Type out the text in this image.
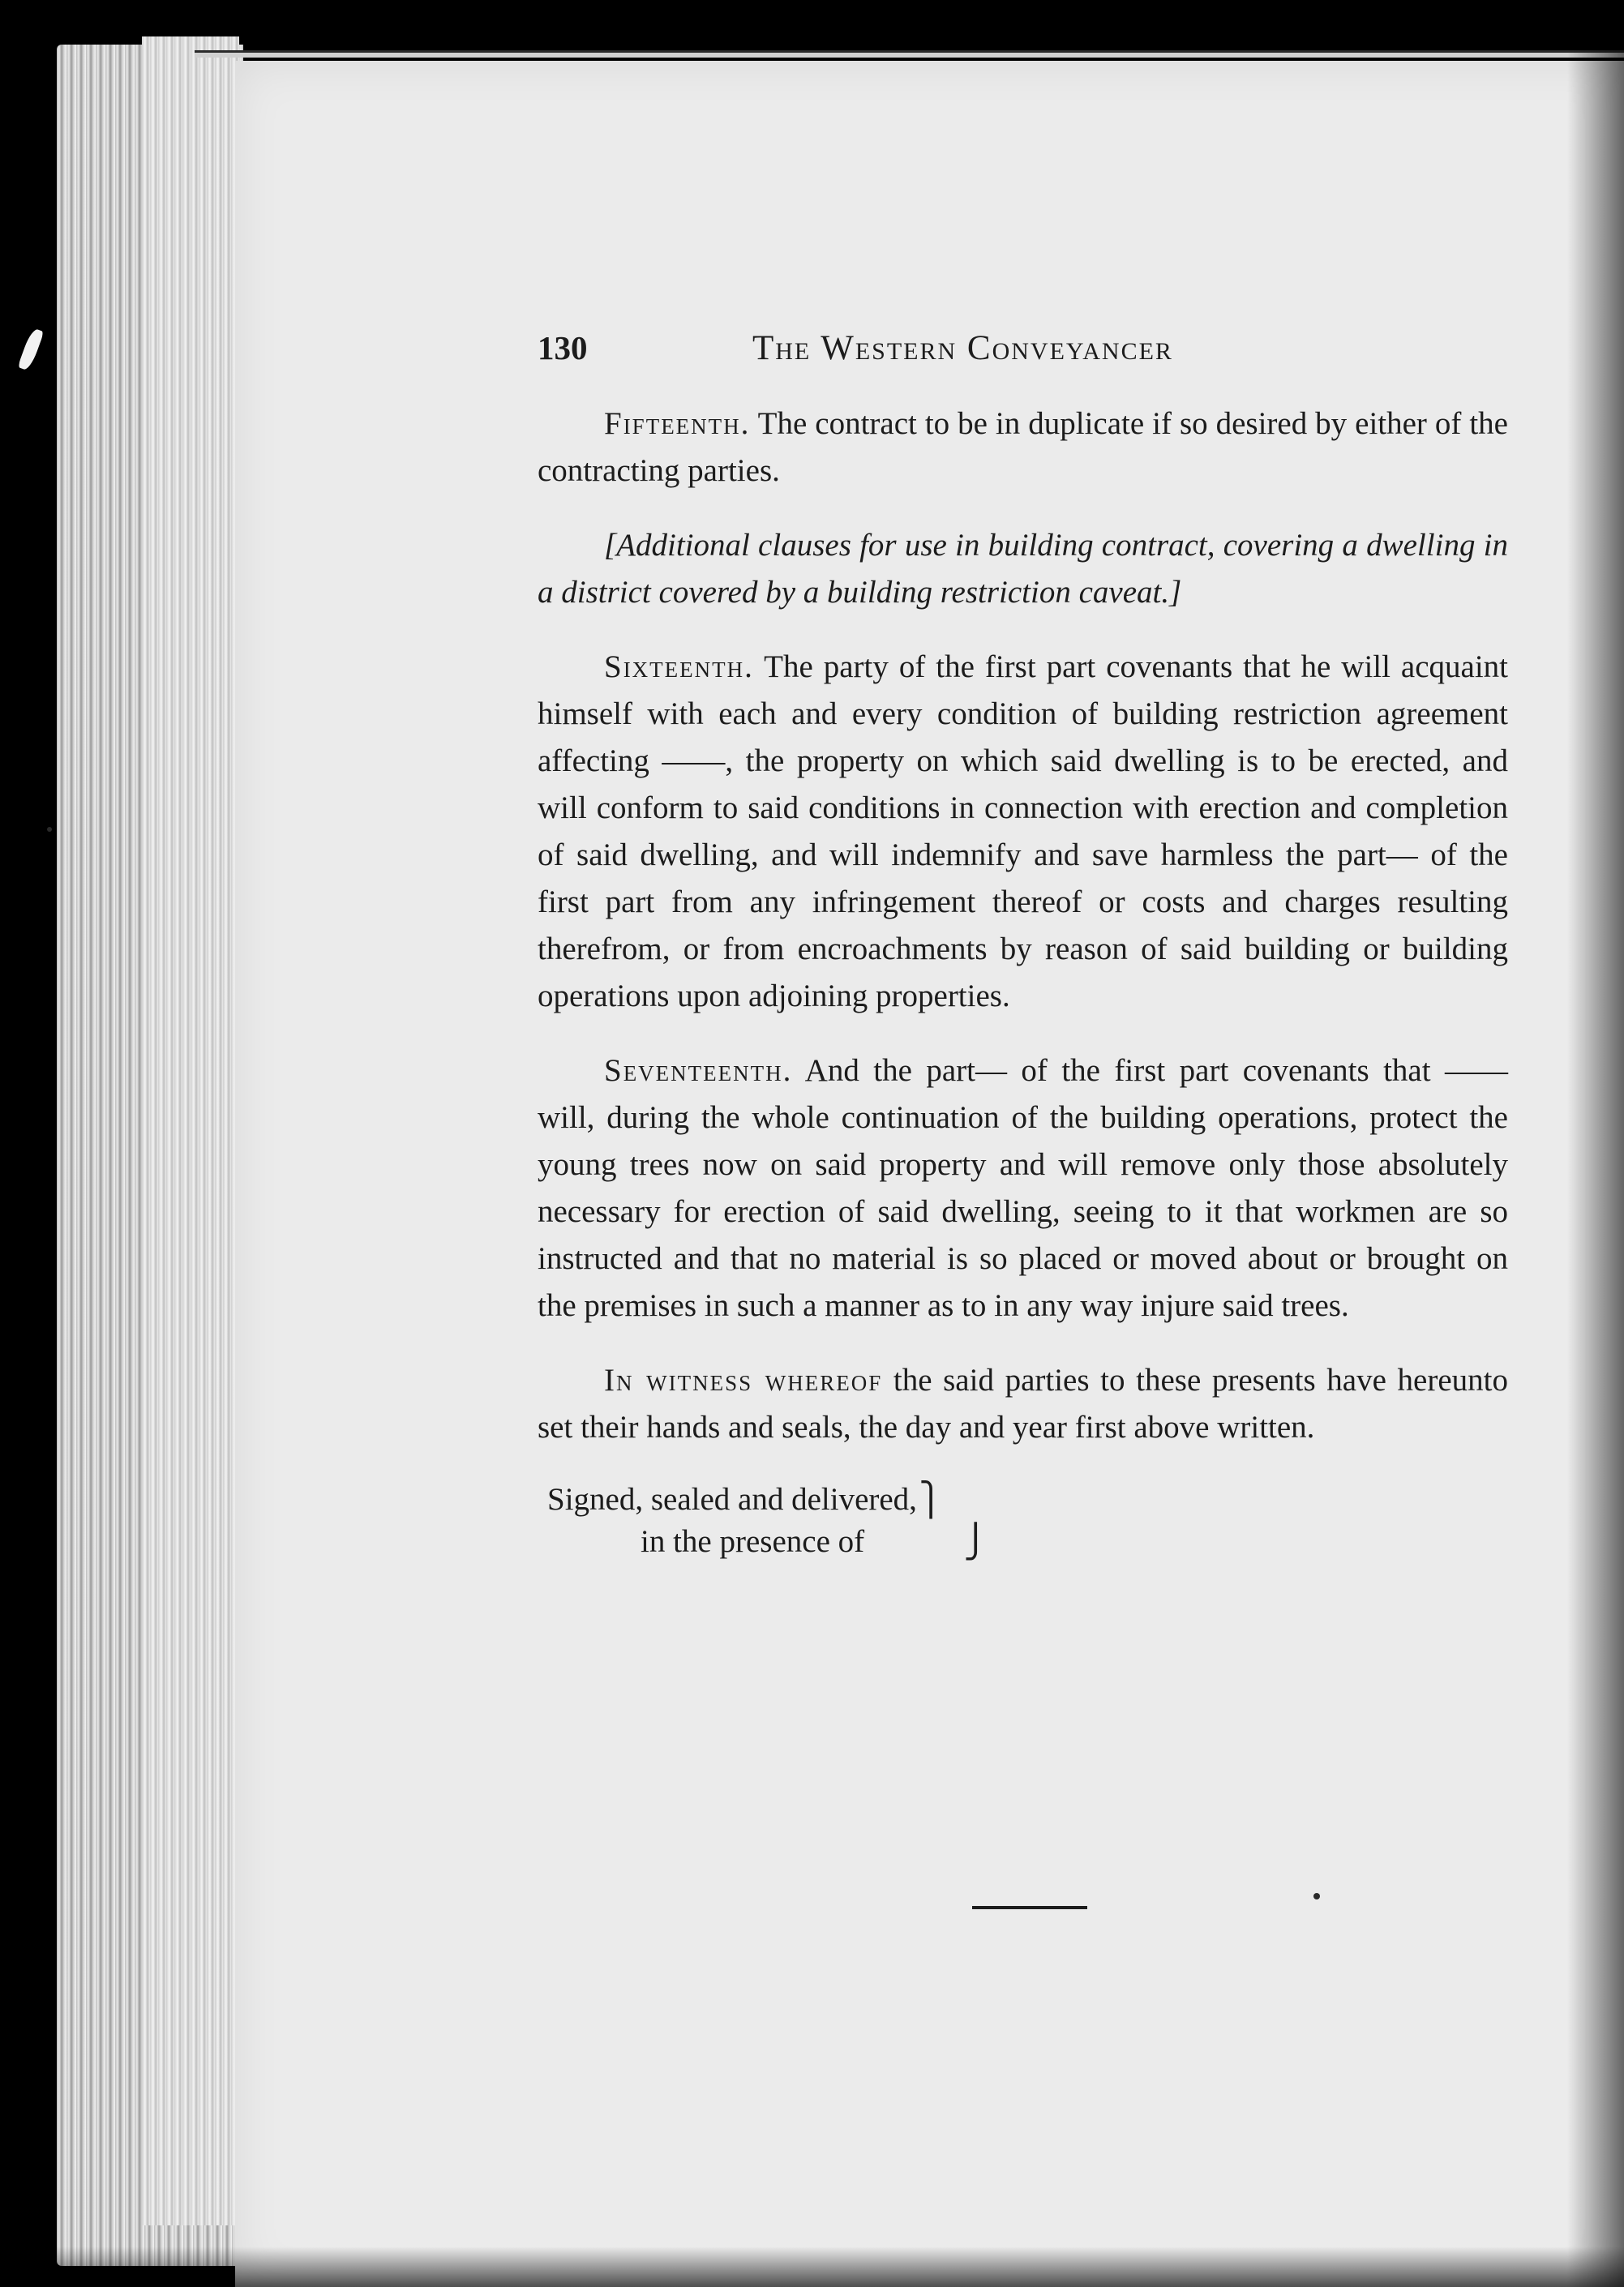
130	The Western Conveyancer

Fifteenth. The contract to be in duplicate if so desired by either of the contracting parties.

[Additional clauses for use in building contract, covering a dwelling in a district covered by a building restriction caveat.]

Sixteenth. The party of the first part covenants that he will acquaint himself with each and every condition of building restriction agreement affecting ——, the property on which said dwelling is to be erected, and will conform to said conditions in connection with erection and completion of said dwelling, and will indemnify and save harmless the part— of the first part from any infringement thereof or costs and charges resulting therefrom, or from encroachments by reason of said building or building operations upon adjoining properties.

Seventeenth. And the part— of the first part covenants that —— will, during the whole continuation of the building operations, protect the young trees now on said property and will remove only those absolutely necessary for erection of said dwelling, seeing to it that workmen are so instructed and that no material is so placed or moved about or brought on the premises in such a manner as to in any way injure said trees.

In witness whereof the said parties to these presents have hereunto set their hands and seals, the day and year first above written.

Signed, sealed and delivered, ⎫
in the presence of	⎭
